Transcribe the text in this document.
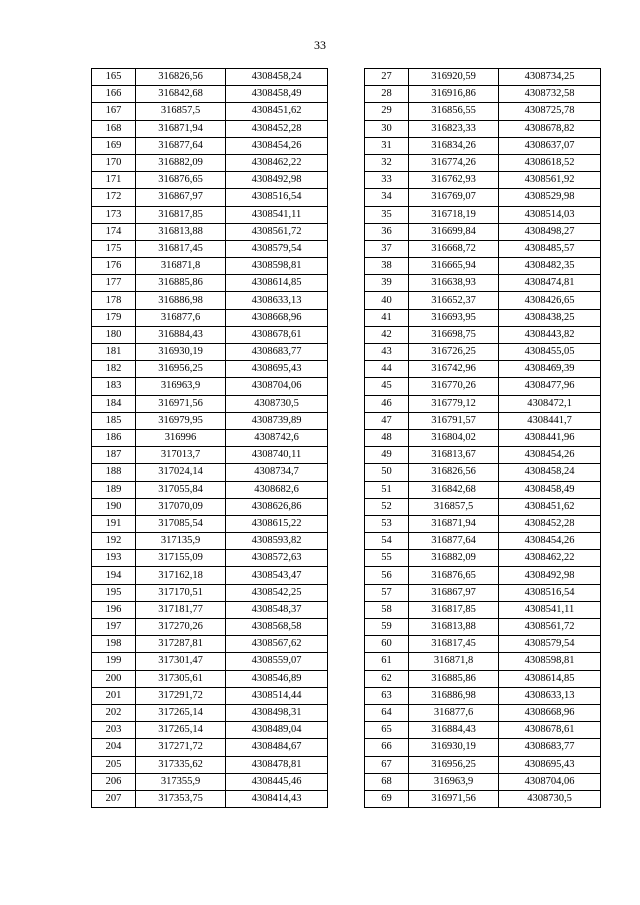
33
165	316826,56	4308458,24
166	316842,68	4308458,49
167	316857,5	4308451,62
168	316871,94	4308452,28
169	316877,64	4308454,26
170	316882,09	4308462,22
171	316876,65	4308492,98
172	316867,97	4308516,54
173	316817,85	4308541,11
174	316813,88	4308561,72
175	316817,45	4308579,54
176	316871,8	4308598,81
177	316885,86	4308614,85
178	316886,98	4308633,13
179	316877,6	4308668,96
180	316884,43	4308678,61
181	316930,19	4308683,77
182	316956,25	4308695,43
183	316963,9	4308704,06
184	316971,56	4308730,5
185	316979,95	4308739,89
186	316996	4308742,6
187	317013,7	4308740,11
188	317024,14	4308734,7
189	317055,84	4308682,6
190	317070,09	4308626,86
191	317085,54	4308615,22
192	317135,9	4308593,82
193	317155,09	4308572,63
194	317162,18	4308543,47
195	317170,51	4308542,25
196	317181,77	4308548,37
197	317270,26	4308568,58
198	317287,81	4308567,62
199	317301,47	4308559,07
200	317305,61	4308546,89
201	317291,72	4308514,44
202	317265,14	4308498,31
203	317265,14	4308489,04
204	317271,72	4308484,67
205	317335,62	4308478,81
206	317355,9	4308445,46
207	317353,75	4308414,43
27	316920,59	4308734,25
28	316916,86	4308732,58
29	316856,55	4308725,78
30	316823,33	4308678,82
31	316834,26	4308637,07
32	316774,26	4308618,52
33	316762,93	4308561,92
34	316769,07	4308529,98
35	316718,19	4308514,03
36	316699,84	4308498,27
37	316668,72	4308485,57
38	316665,94	4308482,35
39	316638,93	4308474,81
40	316652,37	4308426,65
41	316693,95	4308438,25
42	316698,75	4308443,82
43	316726,25	4308455,05
44	316742,96	4308469,39
45	316770,26	4308477,96
46	316779,12	4308472,1
47	316791,57	4308441,7
48	316804,02	4308441,96
49	316813,67	4308454,26
50	316826,56	4308458,24
51	316842,68	4308458,49
52	316857,5	4308451,62
53	316871,94	4308452,28
54	316877,64	4308454,26
55	316882,09	4308462,22
56	316876,65	4308492,98
57	316867,97	4308516,54
58	316817,85	4308541,11
59	316813,88	4308561,72
60	316817,45	4308579,54
61	316871,8	4308598,81
62	316885,86	4308614,85
63	316886,98	4308633,13
64	316877,6	4308668,96
65	316884,43	4308678,61
66	316930,19	4308683,77
67	316956,25	4308695,43
68	316963,9	4308704,06
69	316971,56	4308730,5
